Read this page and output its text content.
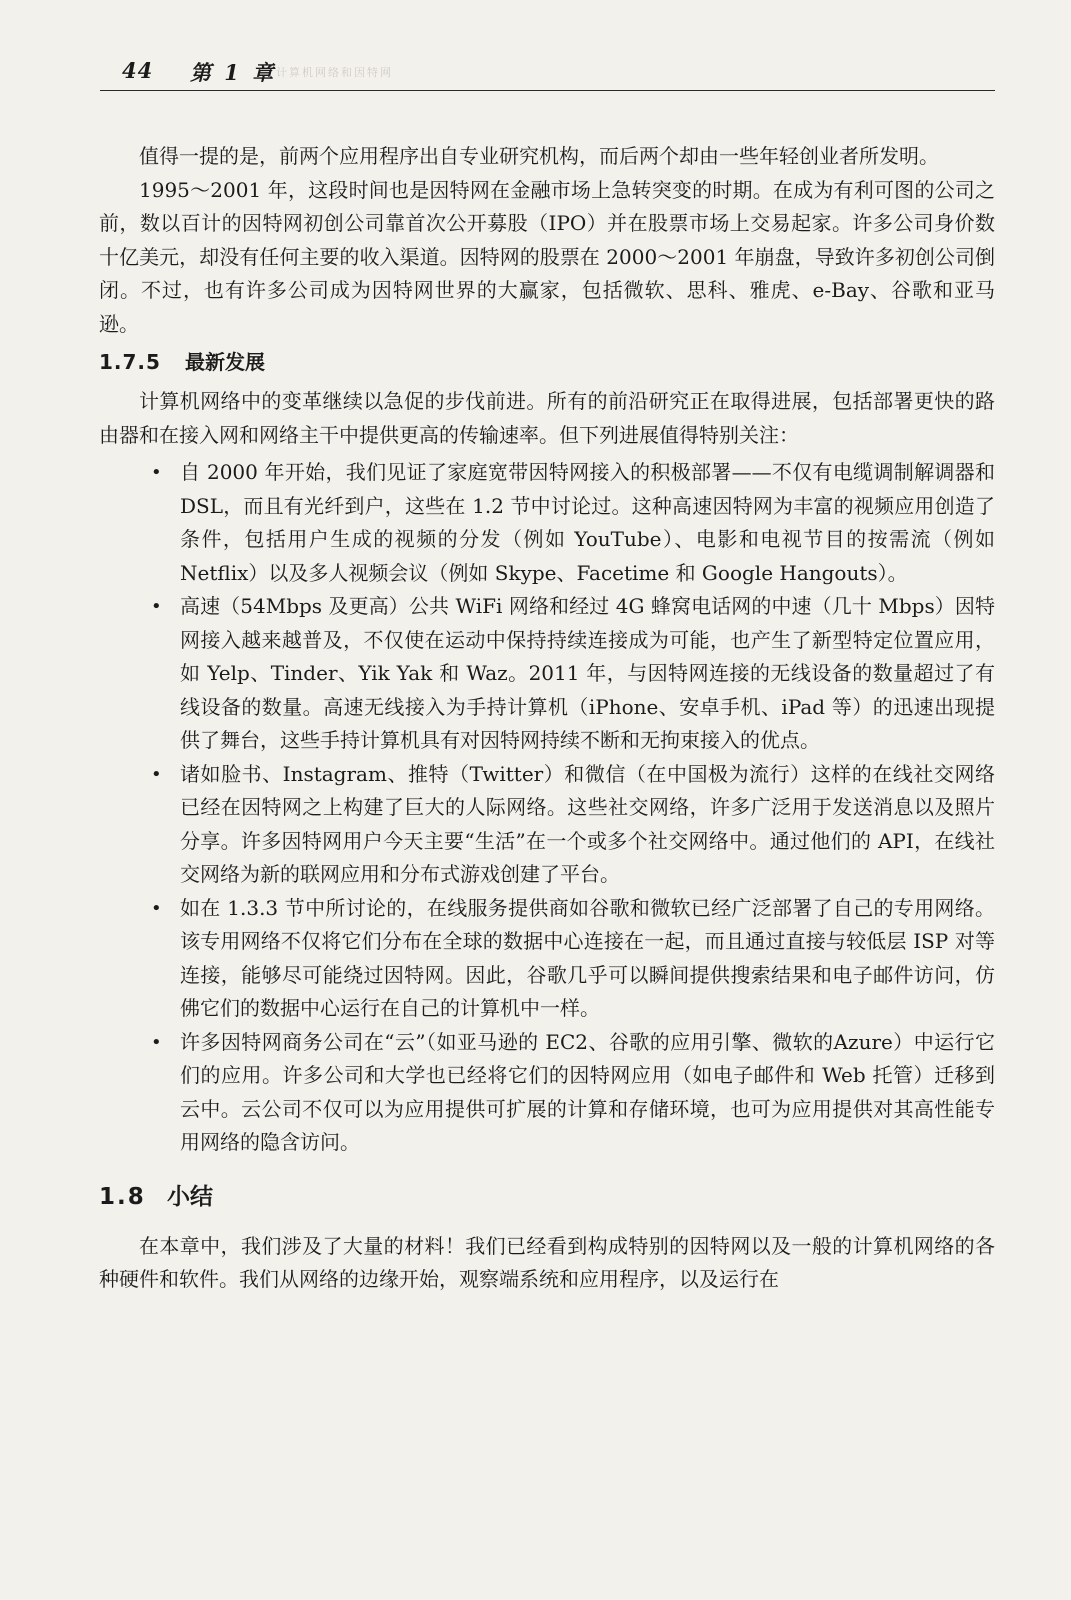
44 第 1 章 计算机网络和因特网

值得一提的是，前两个应用程序出自专业研究机构，而后两个却由一些年轻创业者所发明。

1995～2001 年，这段时间也是因特网在金融市场上急转突变的时期。在成为有利可图的公司之前，数以百计的因特网初创公司靠首次公开募股（IPO）并在股票市场上交易起家。许多公司身价数十亿美元，却没有任何主要的收入渠道。因特网的股票在 2000～2001 年崩盘，导致许多初创公司倒闭。不过，也有许多公司成为因特网世界的大赢家，包括微软、思科、雅虎、e-Bay、谷歌和亚马逊。

1.7.5 最新发展

计算机网络中的变革继续以急促的步伐前进。所有的前沿研究正在取得进展，包括部署更快的路由器和在接入网和网络主干中提供更高的传输速率。但下列进展值得特别关注：

• 自 2000 年开始，我们见证了家庭宽带因特网接入的积极部署——不仅有电缆调制解调器和 DSL，而且有光纤到户，这些在 1.2 节中讨论过。这种高速因特网为丰富的视频应用创造了条件，包括用户生成的视频的分发（例如 YouTube）、电影和电视节目的按需流（例如 Netflix）以及多人视频会议（例如 Skype、Facetime 和 Google Hangouts）。
• 高速（54Mbps 及更高）公共 WiFi 网络和经过 4G 蜂窝电话网的中速（几十 Mbps）因特网接入越来越普及，不仅使在运动中保持持续连接成为可能，也产生了新型特定位置应用，如 Yelp、Tinder、Yik Yak 和 Waz。2011 年，与因特网连接的无线设备的数量超过了有线设备的数量。高速无线接入为手持计算机（iPhone、安卓手机、iPad 等）的迅速出现提供了舞台，这些手持计算机具有对因特网持续不断和无拘束接入的优点。
• 诸如脸书、Instagram、推特（Twitter）和微信（在中国极为流行）这样的在线社交网络已经在因特网之上构建了巨大的人际网络。这些社交网络，许多广泛用于发送消息以及照片分享。许多因特网用户今天主要“生活”在一个或多个社交网络中。通过他们的 API，在线社交网络为新的联网应用和分布式游戏创建了平台。
• 如在 1.3.3 节中所讨论的，在线服务提供商如谷歌和微软已经广泛部署了自己的专用网络。该专用网络不仅将它们分布在全球的数据中心连接在一起，而且通过直接与较低层 ISP 对等连接，能够尽可能绕过因特网。因此，谷歌几乎可以瞬间提供搜索结果和电子邮件访问，仿佛它们的数据中心运行在自己的计算机中一样。
• 许多因特网商务公司在“云”（如亚马逊的 EC2、谷歌的应用引擎、微软的Azure）中运行它们的应用。许多公司和大学也已经将它们的因特网应用（如电子邮件和 Web 托管）迁移到云中。云公司不仅可以为应用提供可扩展的计算和存储环境，也可为应用提供对其高性能专用网络的隐含访问。
1.8 小结

在本章中，我们涉及了大量的材料！我们已经看到构成特别的因特网以及一般的计算机网络的各种硬件和软件。我们从网络的边缘开始，观察端系统和应用程序，以及运行在
